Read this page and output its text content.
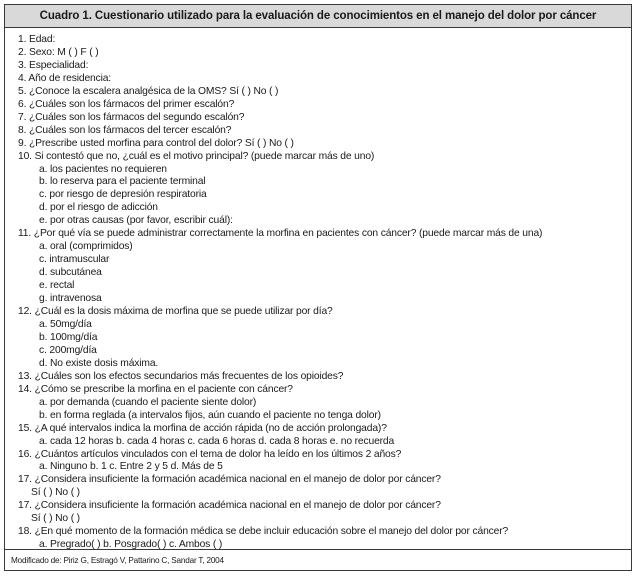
Cuadro 1. Cuestionario utilizado para la evaluación de conocimientos en el manejo del dolor por cáncer
1. Edad:
2. Sexo: M ( ) F ( )
3. Especialidad:
4. Año de residencia:
5. ¿Conoce la escalera analgésica de la OMS? Sí ( ) No ( )
6. ¿Cuáles son los fármacos del primer escalón?
7. ¿Cuáles son los fármacos del segundo escalón?
8. ¿Cuáles son los fármacos del tercer escalón?
9. ¿Prescribe usted morfina para control del dolor? Sí ( ) No ( )
10. Si contestó que no, ¿cuál es el motivo principal? (puede marcar más de uno)
a. los pacientes no requieren
b. lo reserva para el paciente terminal
c. por riesgo de depresión respiratoria
d. por el riesgo de adicción
e. por otras causas (por favor, escribir cuál):
11. ¿Por qué vía se puede administrar correctamente la morfina en pacientes con cáncer? (puede marcar más de una)
a. oral (comprimidos)
c. intramuscular
d. subcutánea
e. rectal
g. intravenosa
12. ¿Cuál es la dosis máxima de morfina que se puede utilizar por día?
a. 50mg/día
b. 100mg/día
c. 200mg/día
d. No existe dosis máxima.
13. ¿Cuáles son los efectos secundarios más frecuentes de los opioides?
14. ¿Cómo se prescribe la morfina en el paciente con cáncer?
a. por demanda (cuando el paciente siente dolor)
b. en forma reglada (a intervalos fijos, aún cuando el paciente no tenga dolor)
15. ¿A qué intervalos indica la morfina de acción rápida (no de acción prolongada)?
a. cada 12 horas b. cada 4 horas c. cada 6 horas d. cada 8 horas e. no recuerda
16. ¿Cuántos artículos vinculados con el tema de dolor ha leído en los últimos 2 años?
a. Ninguno b. 1 c. Entre 2 y 5 d. Más de 5
17. ¿Considera insuficiente la formación académica nacional en el manejo de dolor por cáncer?
Sí ( ) No ( )
17. ¿Considera insuficiente la formación académica nacional en el manejo de dolor por cáncer?
Sí ( ) No ( )
18. ¿En qué momento de la formación médica se debe incluir educación sobre el manejo del dolor por cáncer?
a. Pregrado( ) b. Posgrado( ) c. Ambos ( )
Modificado de: Piriz G, Estragó V, Pattarino C, Sandar T, 2004
